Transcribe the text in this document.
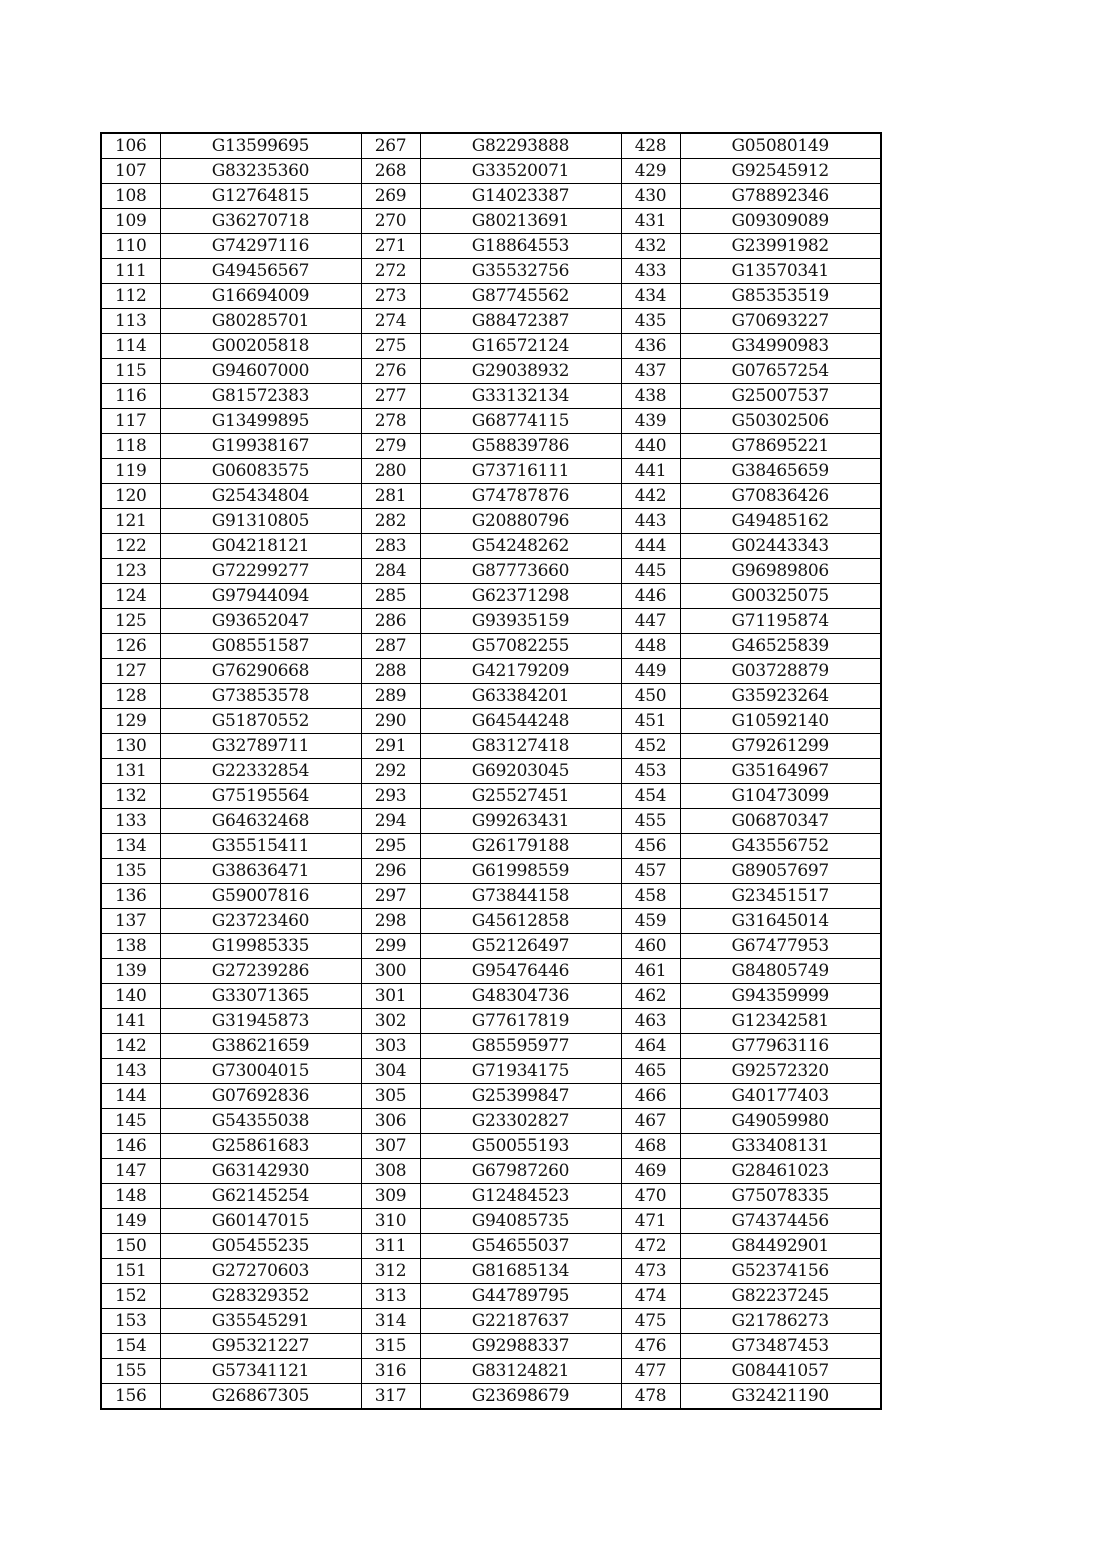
106	G13599695	267	G82293888	428	G05080149
107	G83235360	268	G33520071	429	G92545912
108	G12764815	269	G14023387	430	G78892346
109	G36270718	270	G80213691	431	G09309089
110	G74297116	271	G18864553	432	G23991982
111	G49456567	272	G35532756	433	G13570341
112	G16694009	273	G87745562	434	G85353519
113	G80285701	274	G88472387	435	G70693227
114	G00205818	275	G16572124	436	G34990983
115	G94607000	276	G29038932	437	G07657254
116	G81572383	277	G33132134	438	G25007537
117	G13499895	278	G68774115	439	G50302506
118	G19938167	279	G58839786	440	G78695221
119	G06083575	280	G73716111	441	G38465659
120	G25434804	281	G74787876	442	G70836426
121	G91310805	282	G20880796	443	G49485162
122	G04218121	283	G54248262	444	G02443343
123	G72299277	284	G87773660	445	G96989806
124	G97944094	285	G62371298	446	G00325075
125	G93652047	286	G93935159	447	G71195874
126	G08551587	287	G57082255	448	G46525839
127	G76290668	288	G42179209	449	G03728879
128	G73853578	289	G63384201	450	G35923264
129	G51870552	290	G64544248	451	G10592140
130	G32789711	291	G83127418	452	G79261299
131	G22332854	292	G69203045	453	G35164967
132	G75195564	293	G25527451	454	G10473099
133	G64632468	294	G99263431	455	G06870347
134	G35515411	295	G26179188	456	G43556752
135	G38636471	296	G61998559	457	G89057697
136	G59007816	297	G73844158	458	G23451517
137	G23723460	298	G45612858	459	G31645014
138	G19985335	299	G52126497	460	G67477953
139	G27239286	300	G95476446	461	G84805749
140	G33071365	301	G48304736	462	G94359999
141	G31945873	302	G77617819	463	G12342581
142	G38621659	303	G85595977	464	G77963116
143	G73004015	304	G71934175	465	G92572320
144	G07692836	305	G25399847	466	G40177403
145	G54355038	306	G23302827	467	G49059980
146	G25861683	307	G50055193	468	G33408131
147	G63142930	308	G67987260	469	G28461023
148	G62145254	309	G12484523	470	G75078335
149	G60147015	310	G94085735	471	G74374456
150	G05455235	311	G54655037	472	G84492901
151	G27270603	312	G81685134	473	G52374156
152	G28329352	313	G44789795	474	G82237245
153	G35545291	314	G22187637	475	G21786273
154	G95321227	315	G92988337	476	G73487453
155	G57341121	316	G83124821	477	G08441057
156	G26867305	317	G23698679	478	G32421190
